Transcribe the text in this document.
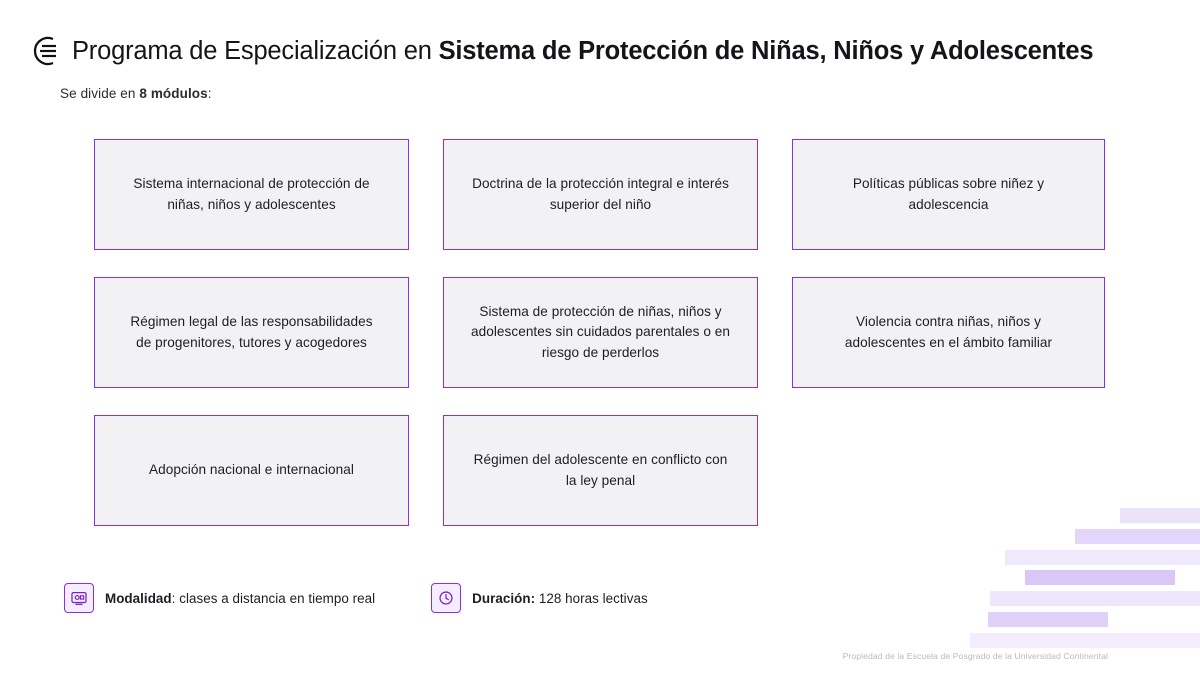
Programa de Especialización en Sistema de Protección de Niñas, Niños y Adolescentes
Se divide en 8 módulos:
Sistema internacional de protección de niñas, niños y adolescentes
Doctrina de la protección integral e interés superior del niño
Políticas públicas sobre niñez y adolescencia
Régimen legal de las responsabilidades de progenitores, tutores y acogedores
Sistema de protección de niñas, niños y adolescentes sin cuidados parentales o en riesgo de perderlos
Violencia contra niñas, niños y adolescentes en el ámbito familiar
Adopción nacional e internacional
Régimen del adolescente en conflicto con la ley penal
Modalidad: clases a distancia en tiempo real	Duración: 128 horas lectivas
Propiedad de la Escuela de Posgrado de la Universidad Continental
